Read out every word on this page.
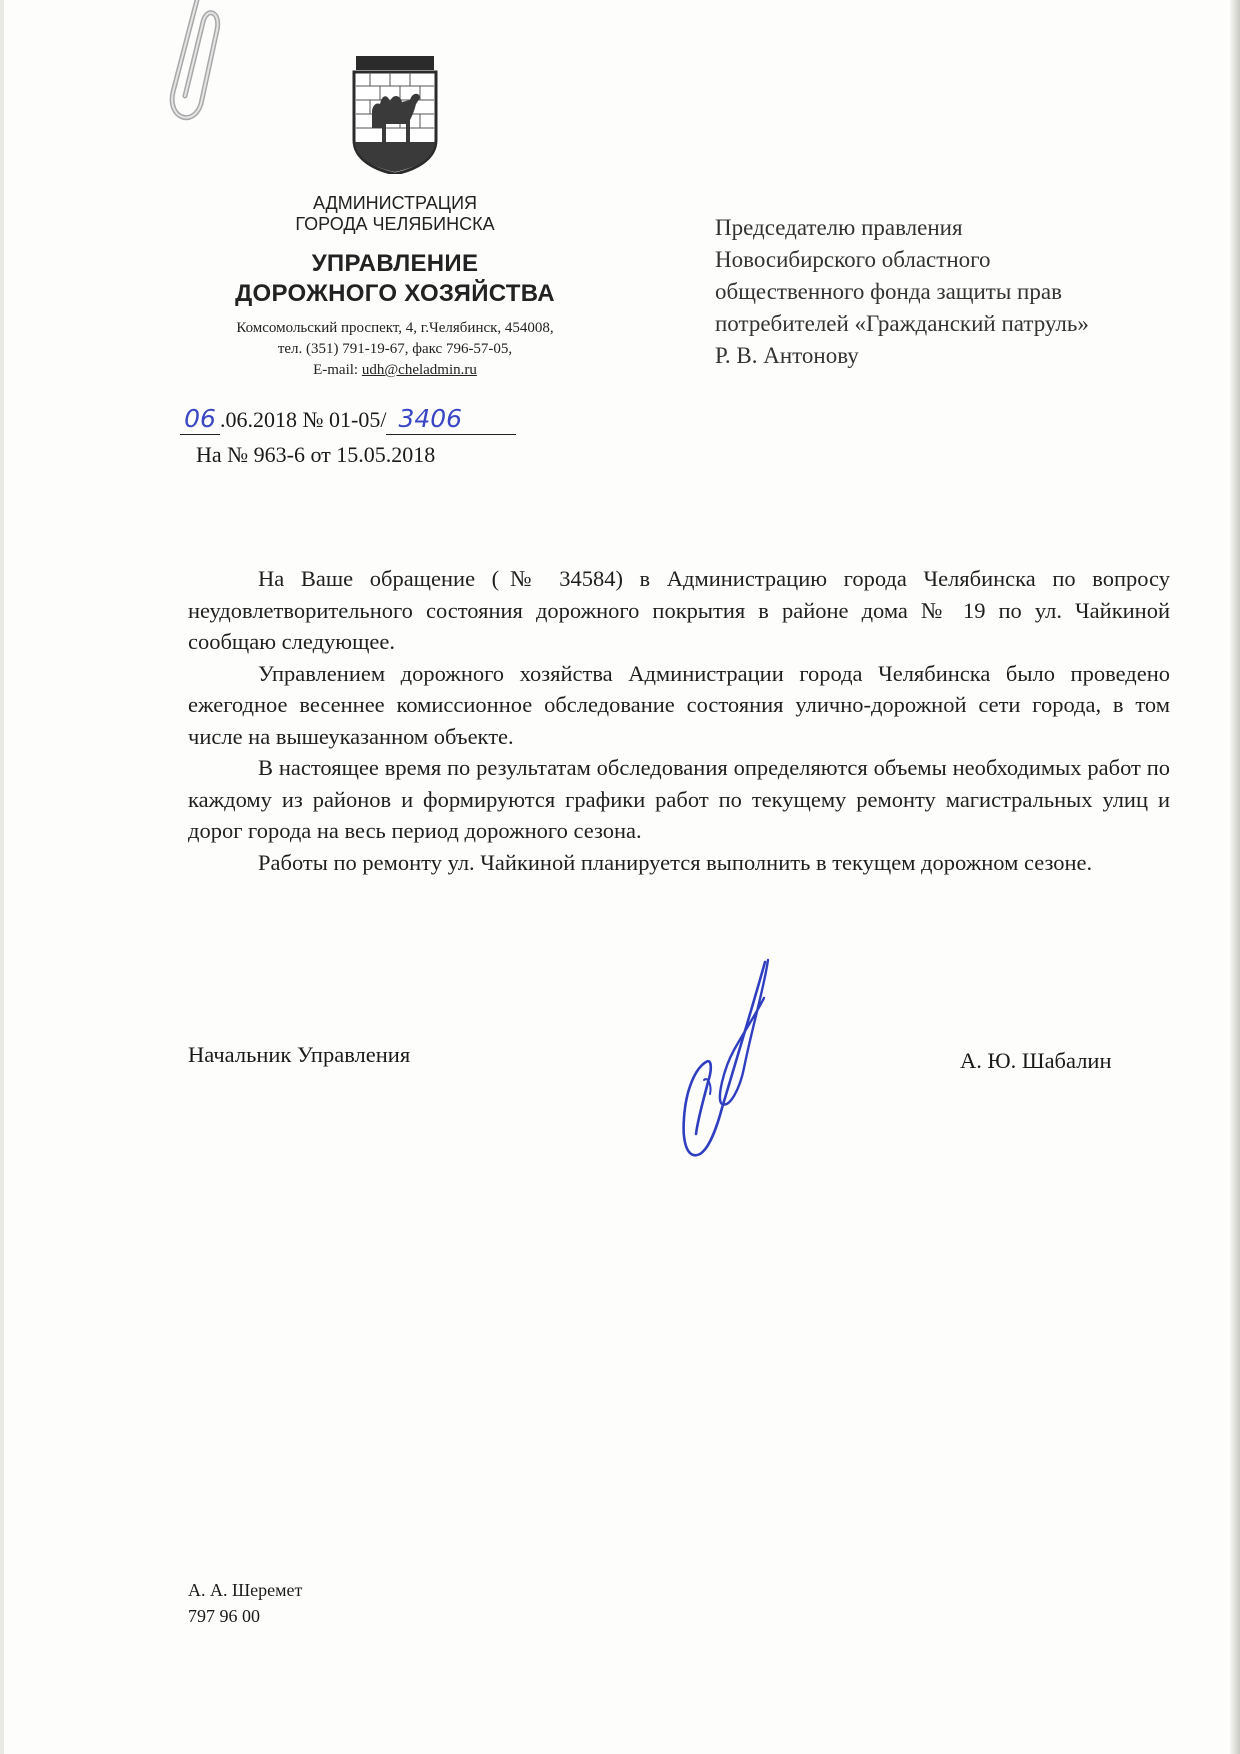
АДМИНИСТРАЦИЯ
ГОРОДА ЧЕЛЯБИНСКА
УПРАВЛЕНИЕ
ДОРОЖНОГО ХОЗЯЙСТВА
Комсомольский проспект, 4, г.Челябинск, 454008,
тел. (351) 791-19-67, факс 796-57-05,
E-mail: udh@cheladmin.ru
Председателю правления
Новосибирского областного
общественного фонда защиты прав
потребителей «Гражданский патруль»
Р. В. Антонову
06 .06.2018 № 01-05/ 3406
На № 963-6 от 15.05.2018

На Ваше обращение (№ 34584) в Администрацию города Челябинска по вопросу неудовлетворительного состояния дорожного покрытия в районе дома № 19 по ул. Чайкиной сообщаю следующее.

Управлением дорожного хозяйства Администрации города Челябинска было проведено ежегодное весеннее комиссионное обследование состояния улично-дорожной сети города, в том числе на вышеуказанном объекте.

В настоящее время по результатам обследования определяются объемы необходимых работ по каждому из районов и формируются графики работ по текущему ремонту магистральных улиц и дорог города на весь период дорожного сезона.

Работы по ремонту ул. Чайкиной планируется выполнить в текущем дорожном сезоне.

Начальник Управления	А. Ю. Шабалин
А. А. Шеремет
797 96 00
